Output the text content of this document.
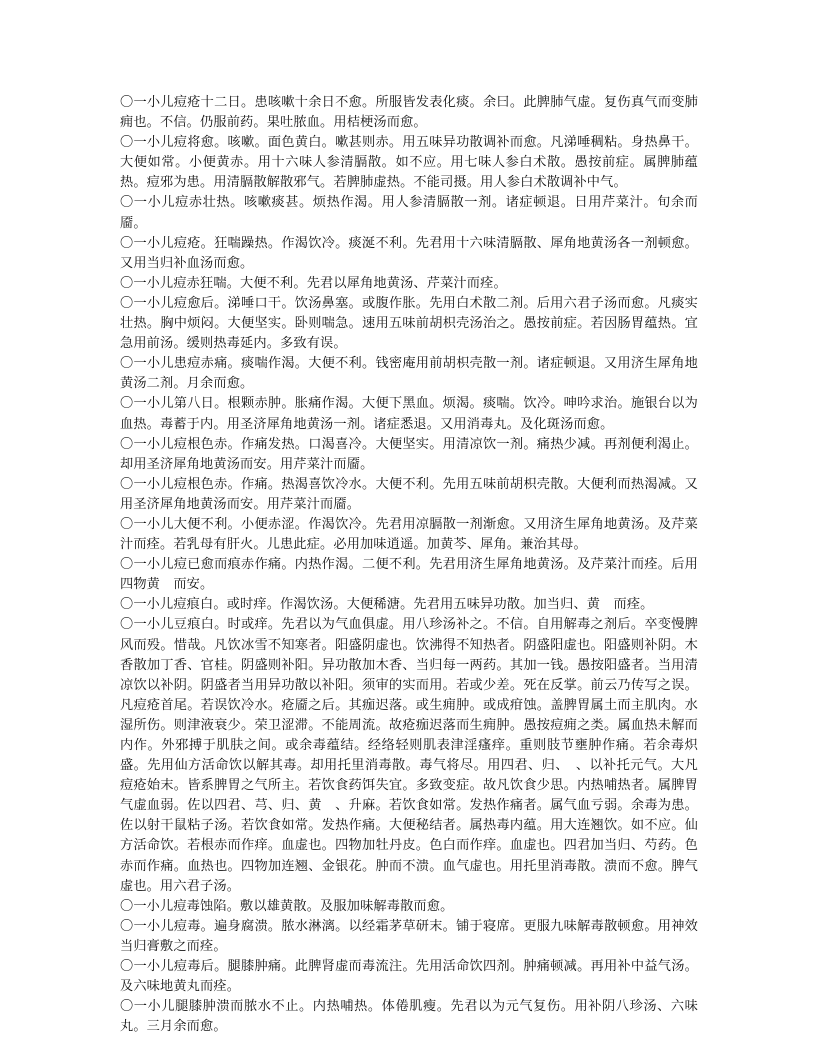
〇一小儿痘疮十二日。患咳嗽十余日不愈。所服皆发表化痰。余曰。此脾肺气虚。复伤真气而变肺痈也。不信。仍服前药。果吐脓血。用桔梗汤而愈。

〇一小儿痘将愈。咳嗽。面色黄白。嗽甚则赤。用五味异功散调补而愈。凡涕唾稠粘。身热鼻干。大便如常。小便黄赤。用十六味人参清膈散。如不应。用七味人参白术散。愚按前症。属脾肺蕴热。痘邪为患。用清膈散解散邪气。若脾肺虚热。不能司摄。用人参白术散调补中气。

〇一小儿痘赤壮热。咳嗽痰甚。烦热作渴。用人参清膈散一剂。诸症顿退。日用芹菜汁。旬余而靥。

〇一小儿痘疮。狂喘躁热。作渴饮冷。痰涎不利。先君用十六味清膈散、犀角地黄汤各一剂顿愈。又用当归补血汤而愈。

〇一小儿痘赤狂喘。大便不利。先君以犀角地黄汤、芹菜汁而痊。

〇一小儿痘愈后。涕唾口干。饮汤鼻塞。或腹作胀。先用白术散二剂。后用六君子汤而愈。凡痰实壮热。胸中烦闷。大便坚实。卧则喘急。速用五味前胡枳壳汤治之。愚按前症。若因肠胃蕴热。宜急用前汤。缓则热毒延内。多致有误。

〇一小儿患痘赤痛。痰喘作渴。大便不利。钱密庵用前胡枳壳散一剂。诸症顿退。又用济生犀角地黄汤二剂。月余而愈。

〇一小儿第八日。根颗赤肿。胀痛作渴。大便下黑血。烦渴。痰喘。饮冷。呻吟求治。施银台以为血热。毒蓄于内。用圣济犀角地黄汤一剂。诸症悉退。又用消毒丸。及化斑汤而愈。

〇一小儿痘根色赤。作痛发热。口渴喜冷。大便坚实。用清凉饮一剂。痛热少减。再剂便利渴止。却用圣济犀角地黄汤而安。用芹菜汁而靥。

〇一小儿痘根色赤。作痛。热渴喜饮冷水。大便不利。先用五味前胡枳壳散。大便利而热渴减。又用圣济犀角地黄汤而安。用芹菜汁而靥。

〇一小儿大便不利。小便赤涩。作渴饮冷。先君用凉膈散一剂渐愈。又用济生犀角地黄汤。及芹菜汁而痊。若乳母有肝火。儿患此症。必用加味逍遥。加黄芩、犀角。兼治其母。

〇一小儿痘已愈而痕赤作痛。内热作渴。二便不利。先君用济生犀角地黄汤。及芹菜汁而痊。后用四物黄　而安。

〇一小儿痘痕白。或时痒。作渴饮汤。大便稀溏。先君用五味异功散。加当归、黄　而痊。

〇一小儿豆痕白。时或痒。先君以为气血俱虚。用八珍汤补之。不信。自用解毒之剂后。卒变慢脾风而殁。惜哉。凡饮冰雪不知寒者。阳盛阴虚也。饮沸得不知热者。阴盛阳虚也。阳盛则补阴。木香散加丁香、官桂。阴盛则补阳。异功散加木香、当归每一两药。其加一钱。愚按阳盛者。当用清凉饮以补阴。阴盛者当用异功散以补阳。须审的实而用。若或少差。死在反掌。前云乃传写之误。凡痘疮首尾。若误饮冷水。疮靥之后。其痂迟落。或生痈肿。或成疳蚀。盖脾胃属土而主肌肉。水湿所伤。则津液衰少。荣卫涩滞。不能周流。故疮痂迟落而生痈肿。愚按痘痈之类。属血热未解而内作。外邪搏于肌肤之间。或余毒蕴结。经络轻则肌表津淫瘙痒。重则肢节壅肿作痛。若余毒炽盛。先用仙方活命饮以解其毒。却用托里消毒散。毒气将尽。用四君、归、　、以补托元气。大凡痘疮始末。皆系脾胃之气所主。若饮食药饵失宜。多致变症。故凡饮食少思。内热哺热者。属脾胃气虚血弱。佐以四君、芎、归、黄　、升麻。若饮食如常。发热作痛者。属气血亏弱。余毒为患。佐以射干鼠粘子汤。若饮食如常。发热作痛。大便秘结者。属热毒内蕴。用大连翘饮。如不应。仙方活命饮。若根赤而作痒。血虚也。四物加牡丹皮。色白而作痒。血虚也。四君加当归、芍药。色赤而作痛。血热也。四物加连翘、金银花。肿而不溃。血气虚也。用托里消毒散。溃而不愈。脾气虚也。用六君子汤。

〇一小儿痘毒蚀陷。敷以雄黄散。及服加味解毒散而愈。

〇一小儿痘毒。遍身腐溃。脓水淋漓。以经霜茅草研末。铺于寝席。更服九味解毒散顿愈。用神效当归膏敷之而痊。

〇一小儿痘毒后。腿膝肿痛。此脾肾虚而毒流注。先用活命饮四剂。肿痛顿减。再用补中益气汤。及六味地黄丸而痊。

〇一小儿腿膝肿溃而脓水不止。内热哺热。体倦肌瘦。先君以为元气复伤。用补阴八珍汤、六味丸。三月余而愈。
